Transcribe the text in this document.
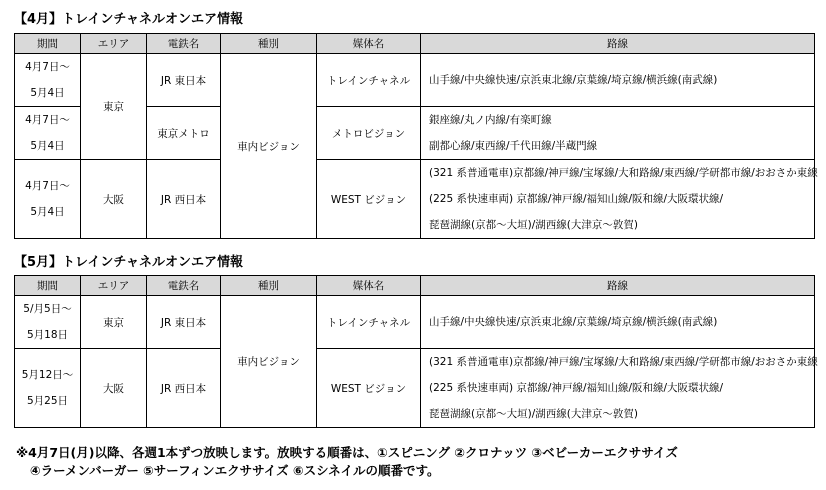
【4月】トレインチャネルオンエア情報
期間	エリア	電鉄名	種別	媒体名	路線

4月7日～
5月4日	東京	JR 東日本	車内ビジョン	トレインチャネル	山手線/中央線快速/京浜東北線/京葉線/埼京線/横浜線(南武線)

4月7日～
5月4日		東京メトロ		メトロビジョン	銀座線/丸ノ内線/有楽町線
副都心線/東西線/千代田線/半蔵門線

4月7日～
5月4日	大阪	JR 西日本		WEST ビジョン	(321 系普通電車)京都線/神戸線/宝塚線/大和路線/東西線/学研都市線/おおさか東線
(225 系快速車両) 京都線/神戸線/福知山線/阪和線/大阪環状線/
琵琶湖線(京都～大垣)/湖西線(大津京～敦賀)
【5月】トレインチャネルオンエア情報
期間	エリア	電鉄名	種別	媒体名	路線

5/月5日～
5月18日	東京	JR 東日本	車内ビジョン	トレインチャネル	山手線/中央線快速/京浜東北線/京葉線/埼京線/横浜線(南武線)

5月12日～
5月25日	大阪	JR 西日本		WEST ビジョン	(321 系普通電車)京都線/神戸線/宝塚線/大和路線/東西線/学研都市線/おおさか東線
(225 系快速車両) 京都線/神戸線/福知山線/阪和線/大阪環状線/
琵琶湖線(京都～大垣)/湖西線(大津京～敦賀)
※4月7日(月)以降、各週1本ずつ放映します。放映する順番は、①スピニング ②クロナッツ ③ベビーカーエクササイズ
④ラーメンバーガー ⑤サーフィンエクササイズ ⑥スシネイルの順番です。
